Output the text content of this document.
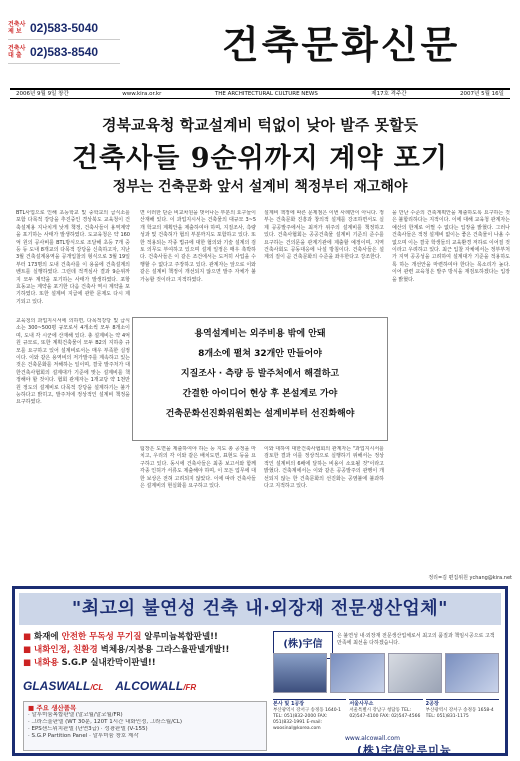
건축사 제 보 02)583-5040
건축사 대 출 02)583-8540	건축문화신문
2006년 9월 9일 창간	www.kira.or.kr	THE ARCHITECTURAL CULTURE NEWS	제17호 격주간	2007년 5월 16일
경북교육청 학교설계비 턱없이 낮아 발주 못할듯
건축사들 9순위까지 계약 포기
정부는 건축문화 앞서 설계비 책정부터 재고해야
BTL사업으로 인해 초등학교 및 중학교의 급식소를 포함 다목적 강당을 추진중인 경상북도 교육청이 건축설계용 지나치게 낮게 책정, 건축사들이 용역계약을 포기하는 사태가 발생하였다. 도교육청은 약 160억 원의 공사비를 BTL방식으로 조달해 초등 7개 중등 등 도내 8개교의 다목적 강당을 신축하고자, 지난 3월 건축설계용역을 공개입찰의 형식으로 3월 19일 부터 173명의 도내 건축사를 이 용을에 건축설계의 벤트를 실행하였다. 그런데 적격심사 결과 9순위까지 모두 계약을 포기하는 사태가 발생하였다. 포항 효동교는 계약을 포기한 다음 건축사 역시 계약을 포기하였다. 또한 설계비 지급에 관한 문제도 다시 제기되고 있다.
교육청의 과업지시서에 의하면, 다목적강당 및 급식소는 300~500평 규모로서 4개소씩 모두 8개소이며, 도내 각 시군에 산재해 있다. 총 설계비는 약 4억 원 규모로, 또한 계획건축물이 모두 B2의 지하층 규모를 요구하고 있어 설계비로서는 매우 부족한 실정이다. 이와 같은 용역비의 저가발주를 계속하고 있는 것은 건축문화를 저해하는 일이며, 결국 발주처가 대한건축사협회의 설계대가 기준에 맞는 설계비를 책정해야 할 것이다. 협회 관계자는 1개교당 약 1천만원 정도의 설계비로 다목적 강당을 설계하기는 불가능하다고 밝히고, 발주처에 정상적인 설계비 책정을 요구하였다.
면 이러한 단순 비교차원을 벗어나는 부분의 요구들이 산재해 있다. 이 과업지시서는 건축물의 대규모 3~5개 학교의 계획안을 제출하여야 하며, 지질조사, 측량성과 및 건축허가 협의 부분까지도 포함하고 있다. 또한 적용되는 각종 법규에 대한 협의와 기술 설계의 검토 의무도 부여하고 있으며 설계 일정은 매우 촉박하다. 건축사들은 이 같은 조건에서는 도저히 사업을 수행할 수 없다고 주장하고 있다. 관계자는 앞으로 이와 같은 설계비 책정이 개선되지 않으면 발주 자체가 불가능할 것이라고 지적하였다.
설계비 책정에 따른 문제점은 이번 사례만이 아니다. 정부는 건축문화 진흥과 창의적 설계를 강조하면서도 실제 공공발주에서는 최저가 위주의 설계비를 책정하고 있다. 건축사협회는 공공건축물 설계비 기준의 준수를 요구하는 건의문을 관계기관에 제출할 예정이며, 지역 건축사회도 공동대응에 나설 방침이다. 건축사들은 설계의 질이 곧 건축문화의 수준을 좌우한다고 강조한다.
을 만난 수준의 건축계획안을 제출하도록 요구하는 것은 불합리하다는 지적이다. 이에 대해 교육청 관계자는 예산의 한계로 어쩔 수 없다는 입장을 밝혔다. 그러나 건축사들은 적정 설계비 없이는 좋은 건축물이 나올 수 없으며 이는 결국 학생들의 교육환경 저하로 이어질 것이라고 우려하고 있다. 최근 입찰 자체에서는 정부부처가 지역 공공성을 고려하여 설계대가 기준을 적용하도록 하는 개선안을 마련하여야 한다는 목소리가 높다. 이어 관련 교육청은 발주 방식을 재검토하겠다는 입장을 밝혔다.

용역설계비는 외주비용 밖에 안돼

8개소에 펼쳐 32개안 만들어야

지질조사 · 측량 등 발주처에서 해결하고

간결한 아이디어 현상 후 본설계로 가야

건축문화선진화위원회는 설계비부터 선진화해야

팀장은 도면을 제출하여야 하는 등 지도 총 공정을 마치고, 우리의 각 이와 같은 배치도면, 표현도 등을 요구하고 있다. 동시에 건축사들은 최종 보고서와 함께 각종 인허가 서류도 제출해야 하며, 이 모든 업무에 대한 보상은 전혀 고려되지 않았다. 이에 따라 건축사들은 설계비의 현실화를 요구하고 있다.
이와 대하여 대한건축사협회의 관계자는 "과업지시서를 검토한 결과 이를 정상적으로 실행하기 위해서는 정상적인 설계비의 6배에 달하는 비용이 소요될 것"이라고 밝혔다. 건축계에서는 이와 같은 공공발주의 관행이 개선되지 않는 한 건축문화의 선진화는 공염불에 불과하다고 지적하고 있다.
정리=김 편집위원 ychang@kira.net
"최고의 불연성 건축 내·외장재 전문생산업체"
■ 화재에 안전한 무독성 무기질 알루미늄복합판넬!!
■ 내화인정, 친환경 벽체용/지붕용 그라스울판넬개발!!
■ 내화용 S.G.P 실내칸막이판넬!!
GLASWALL/CL ALCOWALL/FR
■ 주요 생산품목
· 알루미늄복합판넬 (알코월/알코월/FR)
· 그라스울판넬 (WT 30분, 120T 1시간 내화인정, 그라스월/CL)
· EPS샌드위치판넬 (난연3급) · 성광판넬 (V-155)
· S.G.P Partition Panel · 알루미늄 창호 제작
(株)宇信
은 불연성 내·외장재 전문생산업체로서 최고의 품질과 책임시공으로 고객만족에 최선을 다하겠습니다.
본사 및 1공장
부산광역시 강서구 송정동 1640-1 TEL: 051)832-2000 FAX: 051)832-1991 E-mail: woosinal@korea.com
서울사무소
서울특별시 강남구 청담동 TEL: 02)547-4100 FAX: 02)547-4566
2공장
부산광역시 강서구 송정동 1658-4 TEL: 051)831-1175
www.alcowall.com
(株)宇信알루미늄
